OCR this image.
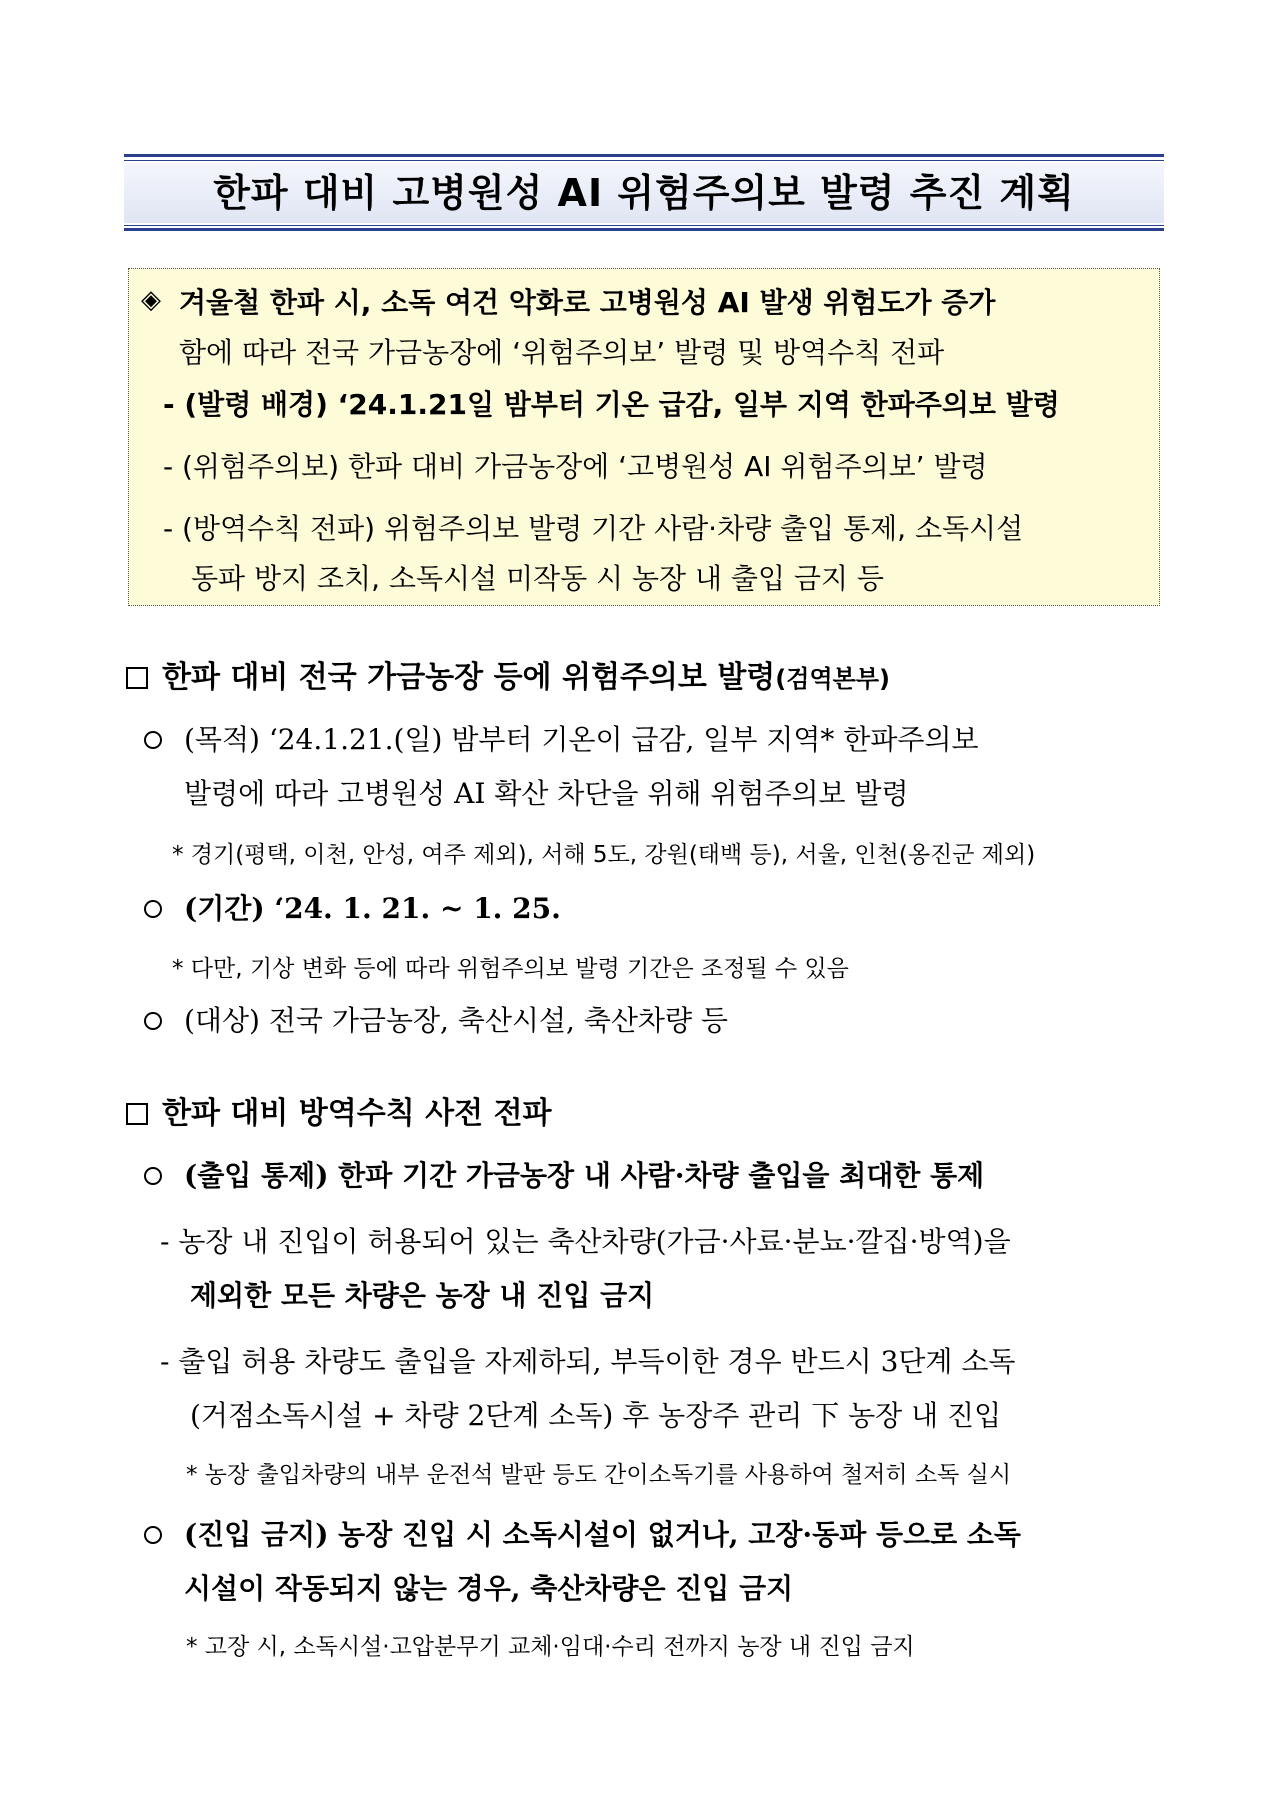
한파 대비 고병원성 AI 위험주의보 발령 추진 계획
◈ 겨울철 한파 시, 소독 여건 악화로 고병원성 AI 발생 위험도가 증가
함에 따라 전국 가금농장에 ‘위험주의보’ 발령 및 방역수칙 전파
- (발령 배경) ‘24.1.21일 밤부터 기온 급감, 일부 지역 한파주의보 발령
- (위험주의보) 한파 대비 가금농장에 ‘고병원성 AI 위험주의보’ 발령
- (방역수칙 전파) 위험주의보 발령 기간 사람·차량 출입 통제, 소독시설
동파 방지 조치, 소독시설 미작동 시 농장 내 출입 금지 등
한파 대비 전국 가금농장 등에 위험주의보 발령(검역본부)
(목적) ‘24.1.21.(일) 밤부터 기온이 급감, 일부 지역* 한파주의보
발령에 따라 고병원성 AI 확산 차단을 위해 위험주의보 발령
* 경기(평택, 이천, 안성, 여주 제외), 서해 5도, 강원(태백 등), 서울, 인천(옹진군 제외)
(기간) ‘24. 1. 21. ~ 1. 25.
* 다만, 기상 변화 등에 따라 위험주의보 발령 기간은 조정될 수 있음
(대상) 전국 가금농장, 축산시설, 축산차량 등
한파 대비 방역수칙 사전 전파
(출입 통제) 한파 기간 가금농장 내 사람·차량 출입을 최대한 통제
- 농장 내 진입이 허용되어 있는 축산차량(가금·사료·분뇨·깔집·방역)을
제외한 모든 차량은 농장 내 진입 금지
- 출입 허용 차량도 출입을 자제하되, 부득이한 경우 반드시 3단계 소독
(거점소독시설 + 차량 2단계 소독) 후 농장주 관리 下 농장 내 진입
* 농장 출입차량의 내부 운전석 발판 등도 간이소독기를 사용하여 철저히 소독 실시
(진입 금지) 농장 진입 시 소독시설이 없거나, 고장·동파 등으로 소독
시설이 작동되지 않는 경우, 축산차량은 진입 금지
* 고장 시, 소독시설·고압분무기 교체·임대·수리 전까지 농장 내 진입 금지
